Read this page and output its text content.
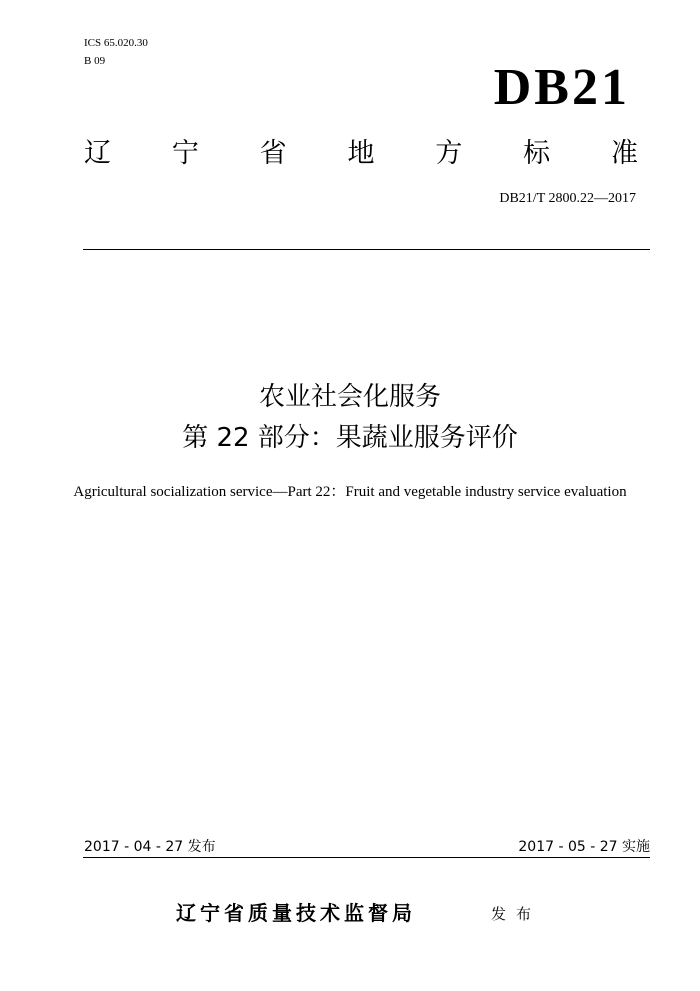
ICS 65.020.30
B 09	DB21
辽 宁 省 地 方 标 准
DB21/T 2800.22—2017
农业社会化服务
第 22 部分：果蔬业服务评价
Agricultural socialization service—Part 22：Fruit and vegetable industry service evaluation
2017 - 04 - 27 发布	2017 - 05 - 27 实施
辽宁省质量技术监督局	发布
